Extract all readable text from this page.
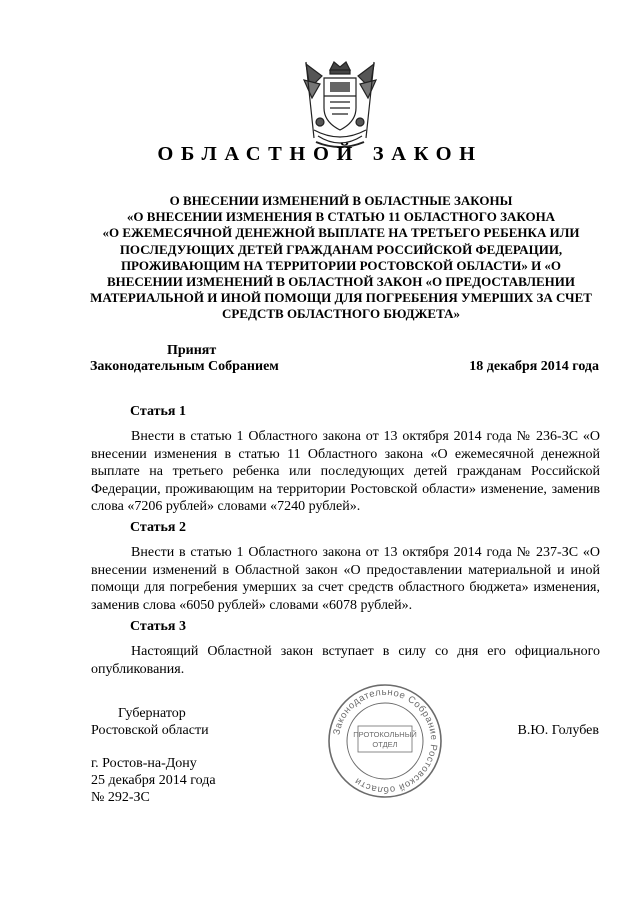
ОБЛАСТНОЙ ЗАКОН
О ВНЕСЕНИИ ИЗМЕНЕНИЙ В ОБЛАСТНЫЕ ЗАКОНЫ
«О ВНЕСЕНИИ ИЗМЕНЕНИЯ В СТАТЬЮ 11 ОБЛАСТНОГО ЗАКОНА
«О ЕЖЕМЕСЯЧНОЙ ДЕНЕЖНОЙ ВЫПЛАТЕ НА ТРЕТЬЕГО РЕБЕНКА ИЛИ
ПОСЛЕДУЮЩИХ ДЕТЕЙ ГРАЖДАНАМ РОССИЙСКОЙ ФЕДЕРАЦИИ,
ПРОЖИВАЮЩИМ НА ТЕРРИТОРИИ РОСТОВСКОЙ ОБЛАСТИ» И «О
ВНЕСЕНИИ ИЗМЕНЕНИЙ В ОБЛАСТНОЙ ЗАКОН «О ПРЕДОСТАВЛЕНИИ
МАТЕРИАЛЬНОЙ И ИНОЙ ПОМОЩИ ДЛЯ ПОГРЕБЕНИЯ УМЕРШИХ ЗА СЧЕТ
СРЕДСТВ ОБЛАСТНОГО БЮДЖЕТА»
Принят
Законодательным Собранием	18 декабря 2014 года
Статья 1

Внести в статью 1 Областного закона от 13 октября 2014 года № 236-ЗС «О внесении изменения в статью 11 Областного закона «О ежемесячной денежной выплате на третьего ребенка или последующих детей гражданам Российской Федерации, проживающим на территории Ростовской области» изменение, заменив слова «7206 рублей» словами «7240 рублей».

Статья 2

Внести в статью 1 Областного закона от 13 октября 2014 года № 237-ЗС «О внесении изменений в Областной закон «О предоставлении материальной и иной помощи для погребения умерших за счет средств областного бюджета» изменения, заменив слова «6050 рублей» словами «6078 рублей».

Статья 3

Настоящий Областной закон вступает в силу со дня его официального опубликования.

Губернатор
Ростовской области	В.Ю. Голубев
г. Ростов-на-Дону
25 декабря 2014 года
№ 292-ЗС
Законодательное Собрание Ростовской области
ПРОТОКОЛЬНЫЙ
ОТДЕЛ
